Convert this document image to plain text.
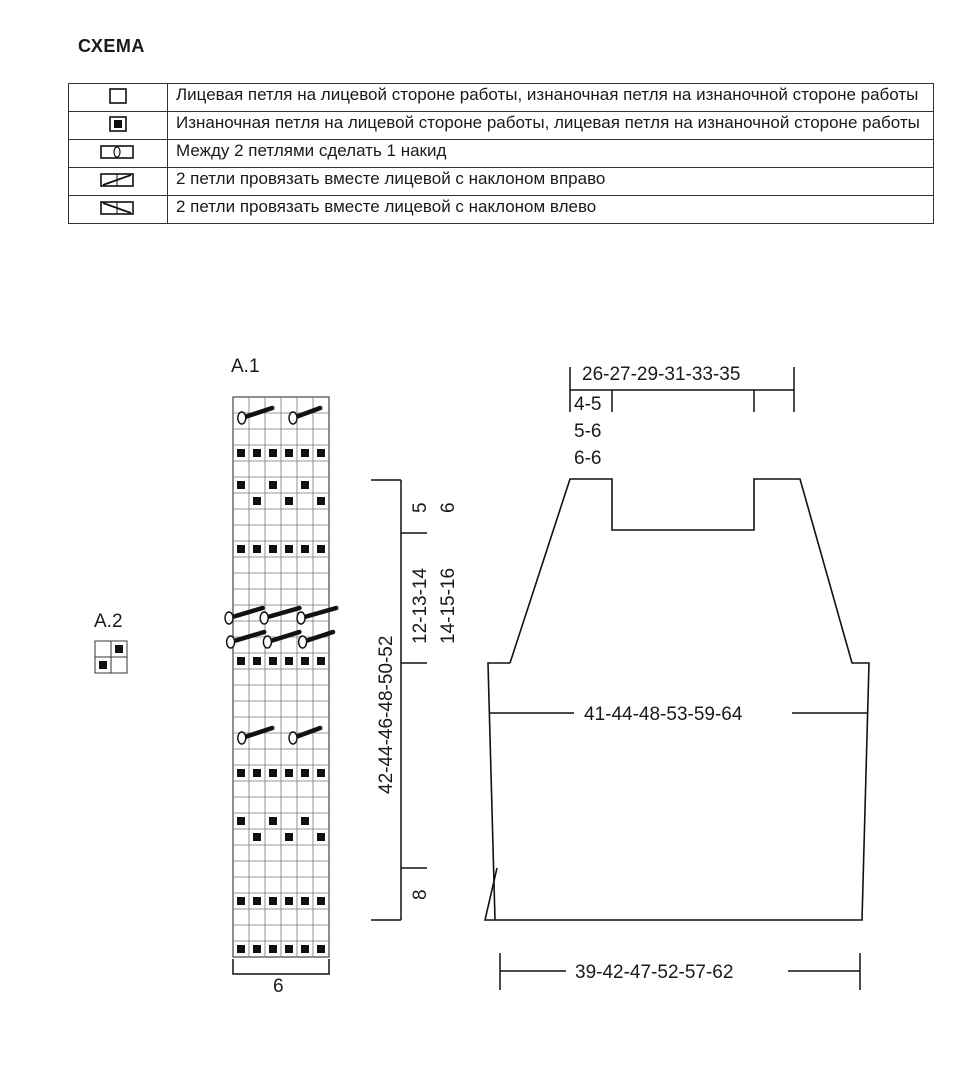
СХЕМА
	Лицевая петля на лицевой стороне работы, изнаночная петля на изнаночной стороне работы
	Изнаночная петля на лицевой стороне работы, лицевая петля на изнаночной стороне работы
	Между 2 петлями сделать 1 накид
	2 петли провязать вместе лицевой с наклоном вправо
	2 петли провязать вместе лицевой с наклоном влево
A.1
6
A.2
42-44-46-48-50-52
8
12-13-14 14-15-16
5 6
26-27-29-31-33-35
4-5
5-6
6-6
41-44-48-53-59-64
39-42-47-52-57-62
